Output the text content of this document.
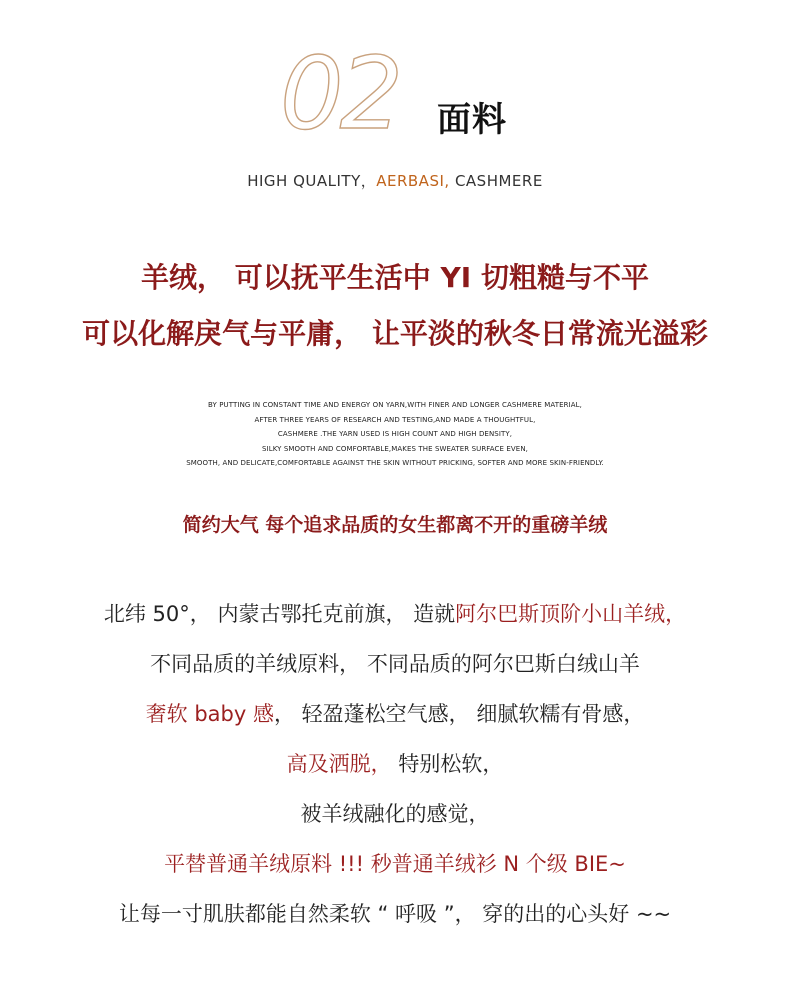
02 面料
HIGH QUALITY，AERBASI, CASHMERE
羊绒， 可以抚平生活中 YI 切粗糙与不平
可以化解戾气与平庸， 让平淡的秋冬日常流光溢彩
BY PUTTING IN CONSTANT TIME AND ENERGY ON YARN,WITH FINER AND LONGER CASHMERE MATERIAL,
AFTER THREE YEARS OF RESEARCH AND TESTING,AND MADE A THOUGHTFUL,
CASHMERE .THE YARN USED IS HIGH COUNT AND HIGH DENSITY,
SILKY SMOOTH AND COMFORTABLE,MAKES THE SWEATER SURFACE EVEN,
SMOOTH, AND DELICATE,COMFORTABLE AGAINST THE SKIN WITHOUT PRICKING, SOFTER AND MORE SKIN-FRIENDLY.
简约大气 每个追求品质的女生都离不开的重磅羊绒
北纬 50°， 内蒙古鄂托克前旗， 造就阿尔巴斯顶阶小山羊绒，
不同品质的羊绒原料， 不同品质的阿尔巴斯白绒山羊
奢软 baby 感， 轻盈蓬松空气感， 细腻软糯有骨感，
高及洒脱， 特别松软，
被羊绒融化的感觉，
平替普通羊绒原料 !!! 秒普通羊绒衫 N 个级 BIE~
让每一寸肌肤都能自然柔软 “ 呼吸 ”， 穿的出的心头好 ~~
